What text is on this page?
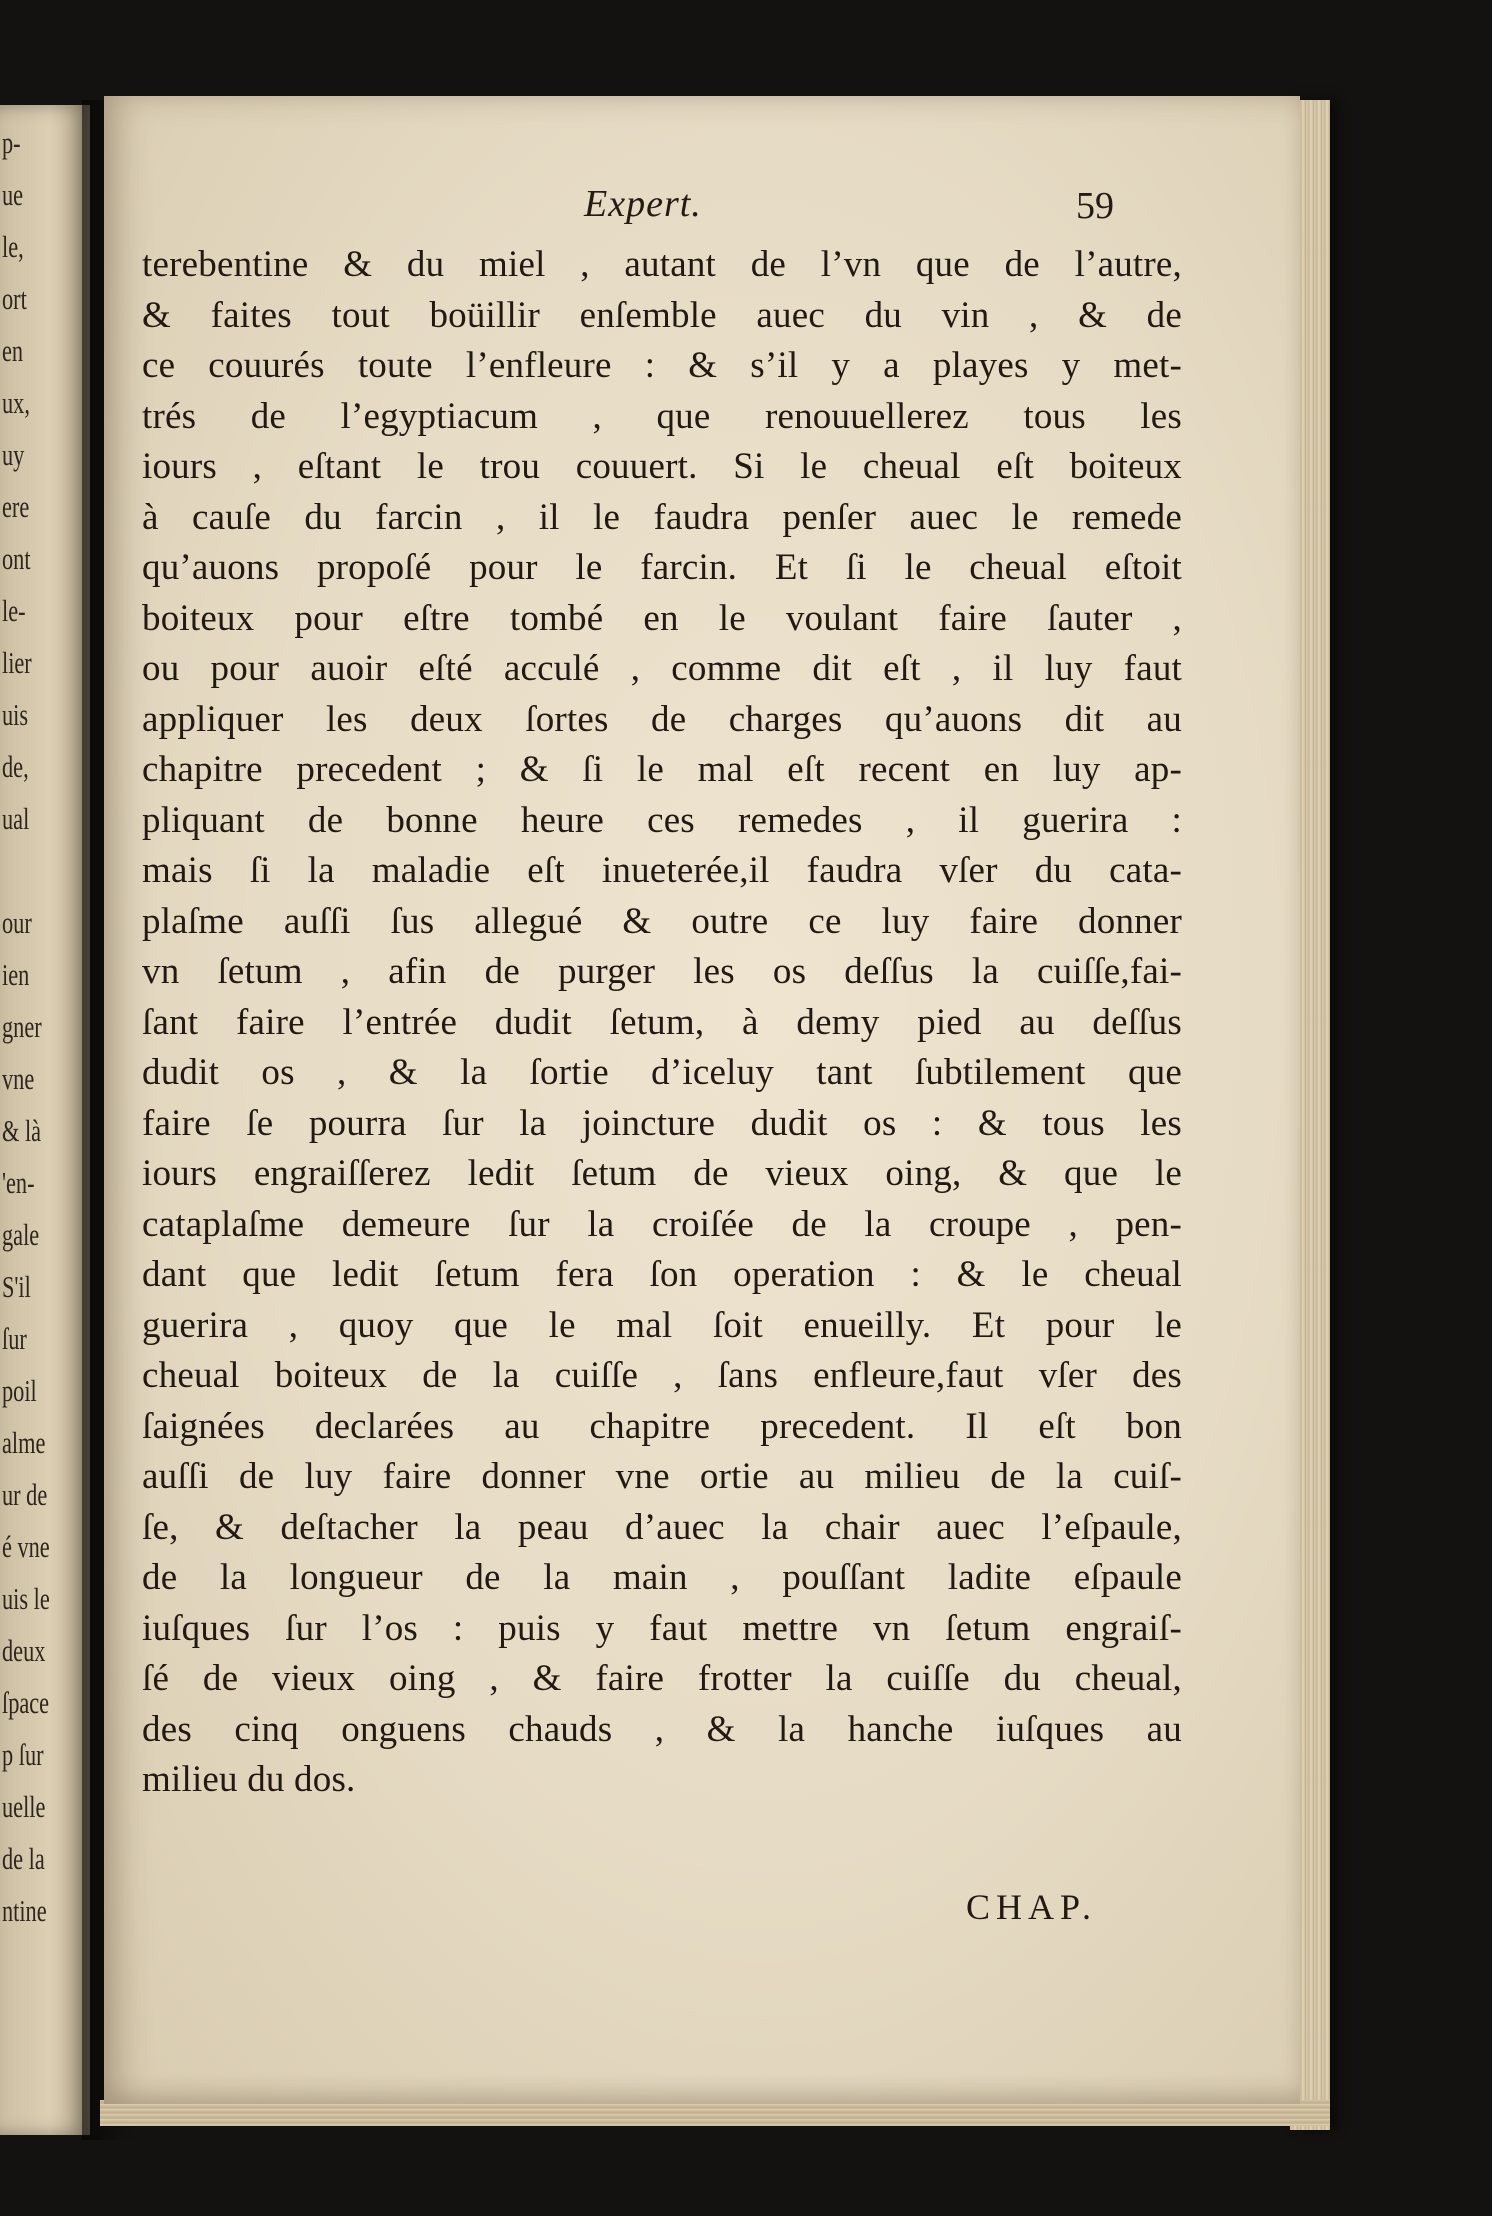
p-
ue
le,
ort
en
ux,
uy
ere
ont
le-
lier
uis
de,
ual
our
ien
gner
vne
& là
'en-
gale
S'il
ſur
poil
alme
ur de
é vne
uis le
deux
ſpace
p ſur
uelle
de la
ntine
Expert.	59
terebentine & du miel , autant de l’vn que de l’autre,
& faites tout boüillir enſemble auec du vin , & de
ce couurés toute l’enfleure : & s’il y a playes y met-
trés de l’egyptiacum , que renouuellerez tous les
iours , eſtant le trou couuert. Si le cheual eſt boiteux
à cauſe du farcin , il le faudra penſer auec le remede
qu’auons propoſé pour le farcin. Et ſi le cheual eſtoit
boiteux pour eſtre tombé en le voulant faire ſauter ,
ou pour auoir eſté acculé , comme dit eſt , il luy faut
appliquer les deux ſortes de charges qu’auons dit au
chapitre precedent ; & ſi le mal eſt recent en luy ap-
pliquant de bonne heure ces remedes , il guerira :
mais ſi la maladie eſt inueterée,il faudra vſer du cata-
plaſme auſſi ſus allegué & outre ce luy faire donner
vn ſetum , afin de purger les os deſſus la cuiſſe,fai-
ſant faire l’entrée dudit ſetum, à demy pied au deſſus
dudit os , & la ſortie d’iceluy tant ſubtilement que
faire ſe pourra ſur la joincture dudit os : & tous les
iours engraiſſerez ledit ſetum de vieux oing, & que le
cataplaſme demeure ſur la croiſée de la croupe , pen-
dant que ledit ſetum fera ſon operation : & le cheual
guerira , quoy que le mal ſoit enueilly. Et pour le
cheual boiteux de la cuiſſe , ſans enfleure,faut vſer des
ſaignées declarées au chapitre precedent. Il eſt bon
auſſi de luy faire donner vne ortie au milieu de la cuiſ-
ſe, & deſtacher la peau d’auec la chair auec l’eſpaule,
de la longueur de la main , pouſſant ladite eſpaule
iuſques ſur l’os : puis y faut mettre vn ſetum engraiſ-
ſé de vieux oing , & faire frotter la cuiſſe du cheual,
des cinq onguens chauds , & la hanche iuſques au
milieu du dos.
CHAP.
